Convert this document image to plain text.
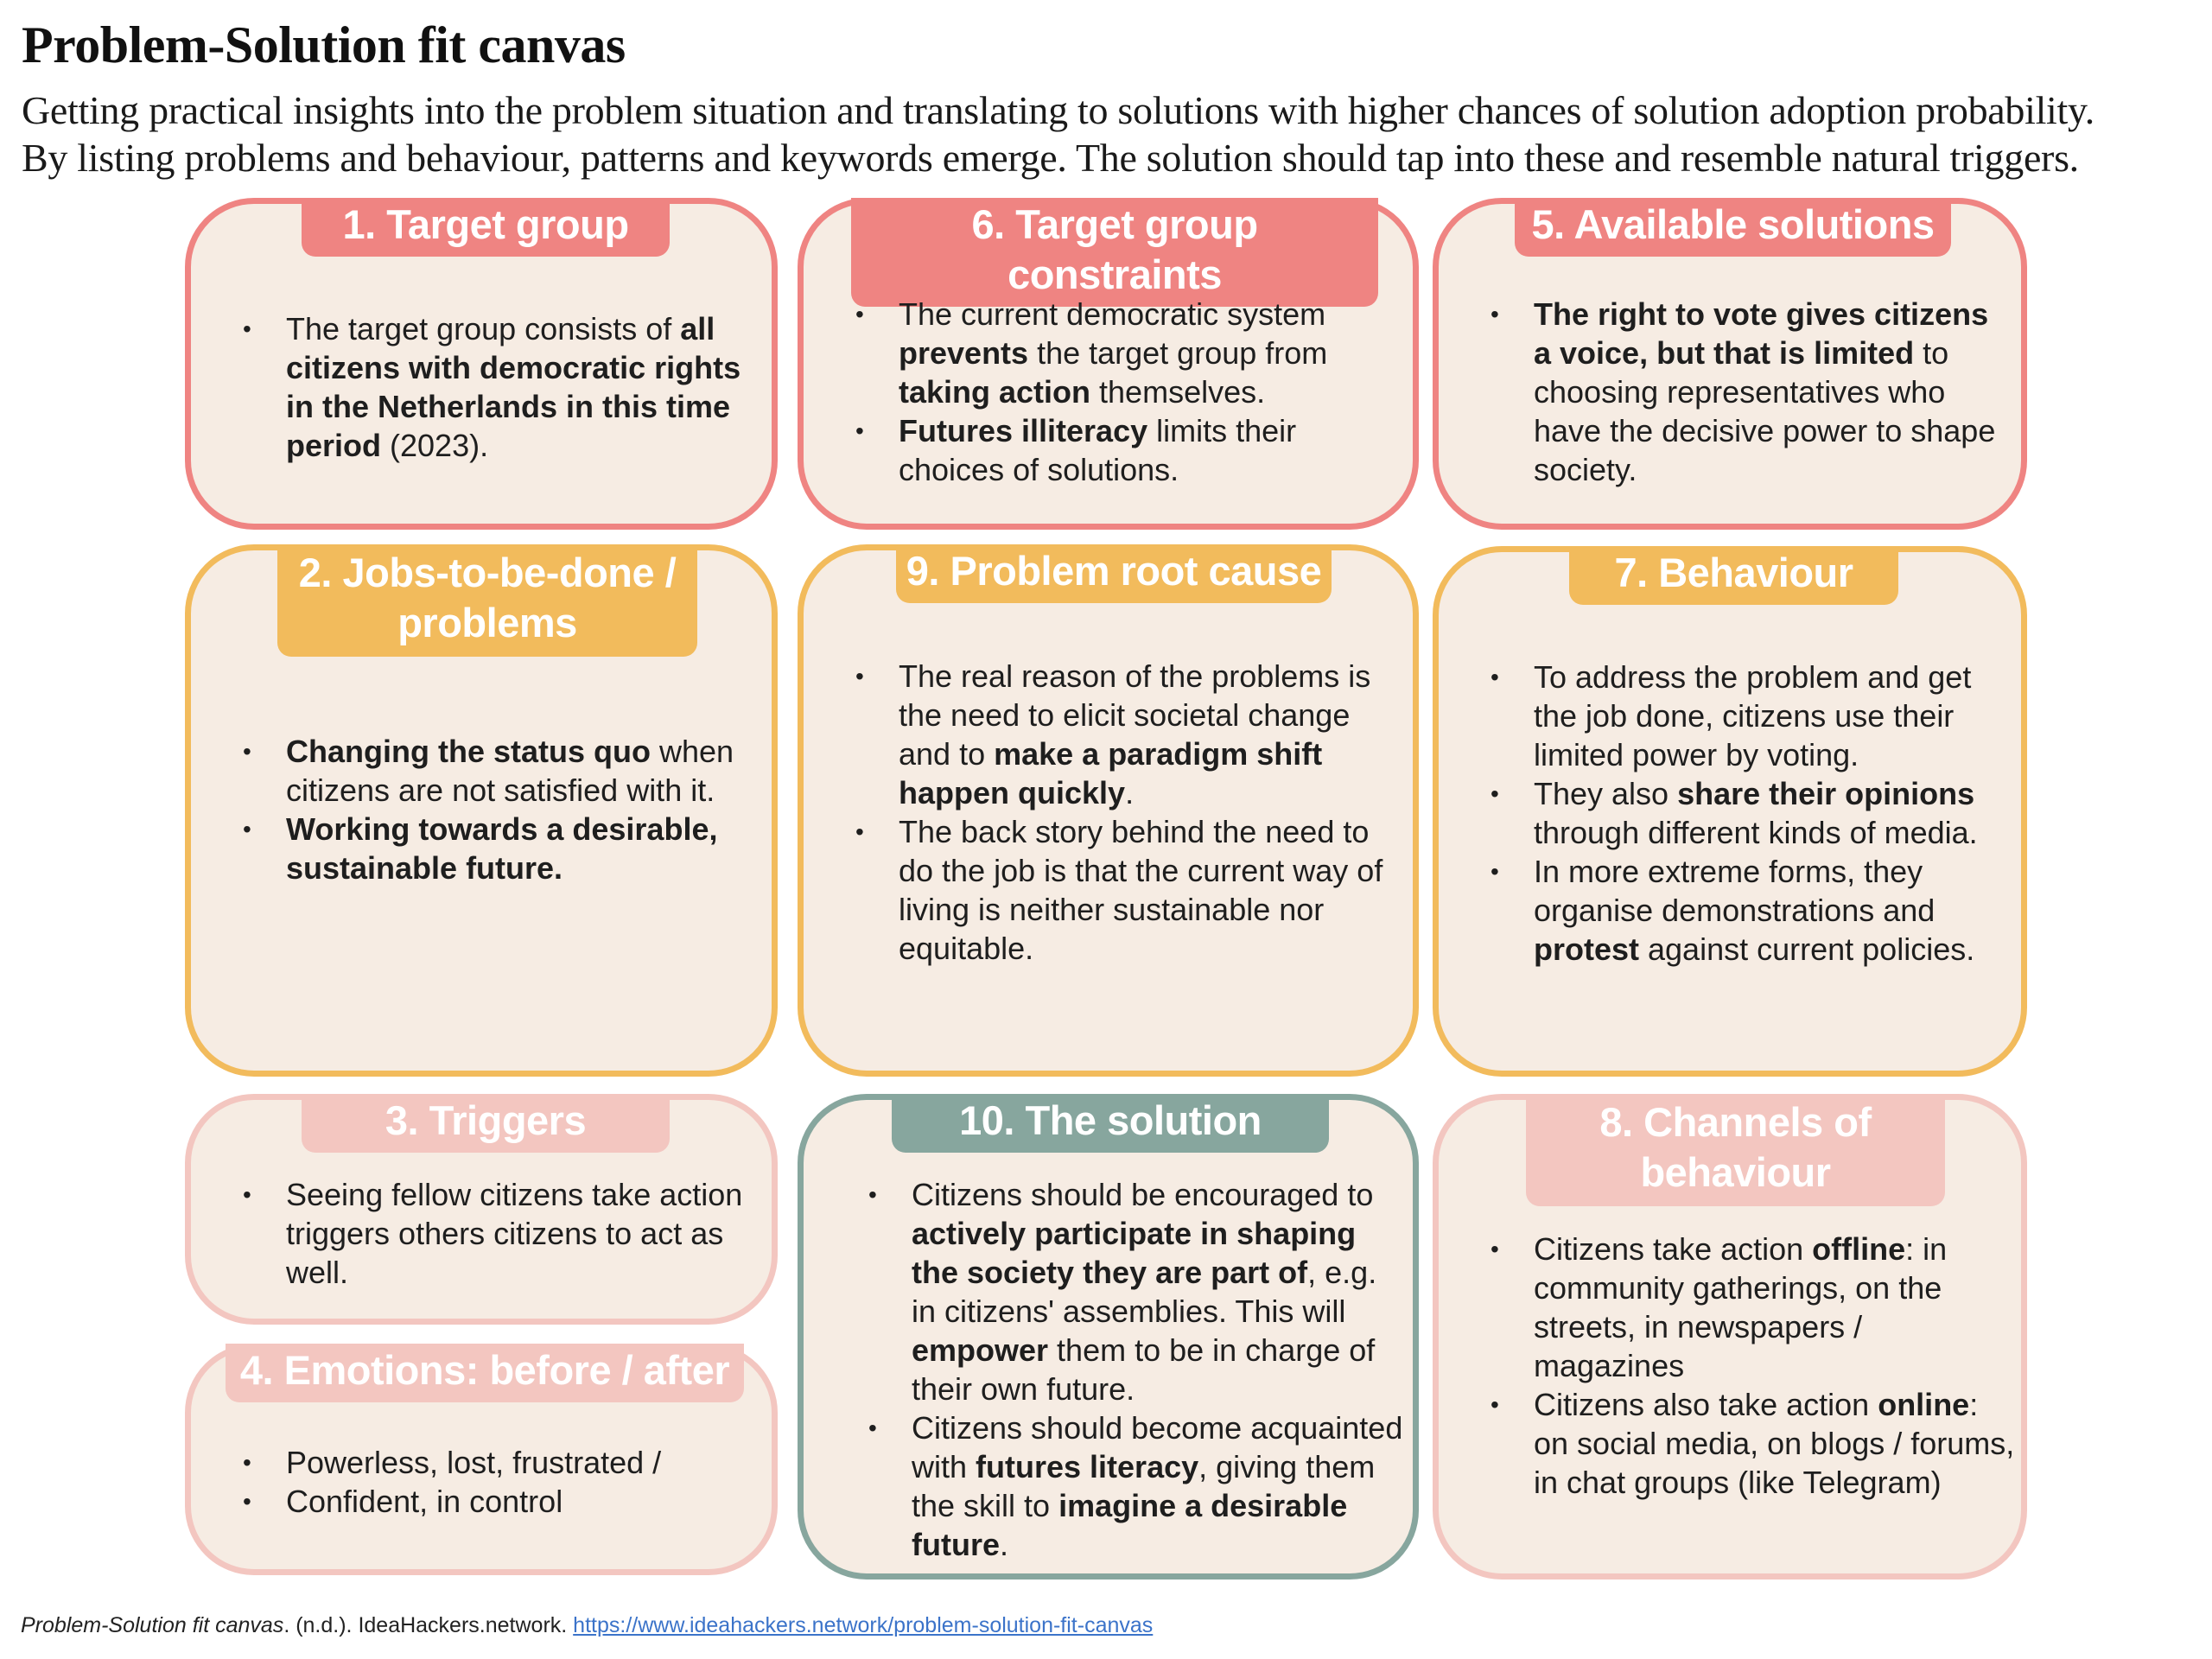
Problem-Solution fit canvas
Getting practical insights into the problem situation and translating to solutions with higher chances of solution adoption probability.
By listing problems and behaviour, patterns and keywords emerge. The solution should tap into these and resemble natural triggers.
1. Target group
• The target group consists of all citizens with democratic rights in the Netherlands in this time period (2023).
6. Target group constraints
• The current democratic system prevents the target group from taking action themselves.
• Futures illiteracy limits their choices of solutions.
5. Available solutions
• The right to vote gives citizens a voice, but that is limited to choosing representatives who have the decisive power to shape society.
2. Jobs-to-be-done /
problems
• Changing the status quo when citizens are not satisfied with it.
• Working towards a desirable, sustainable future.
9. Problem root cause
• The real reason of the problems is the need to elicit societal change and to make a paradigm shift happen quickly.
• The back story behind the need to do the job is that the current way of living is neither sustainable nor equitable.
7. Behaviour
• To address the problem and get the job done, citizens use their limited power by voting.
• They also share their opinions through different kinds of media.
• In more extreme forms, they organise demonstrations and protest against current policies.
3. Triggers
• Seeing fellow citizens take action triggers others citizens to act as well.
4. Emotions: before / after
• Powerless, lost, frustrated /
• Confident, in control
10. The solution
• Citizens should be encouraged to actively participate in shaping the society they are part of, e.g. in citizens' assemblies. This will empower them to be in charge of their own future.
• Citizens should become acquainted with futures literacy, giving them the skill to imagine a desirable future.
8. Channels of
behaviour
• Citizens take action offline: in community gatherings, on the streets, in newspapers / magazines
• Citizens also take action online: on social media, on blogs / forums, in chat groups (like Telegram)
Problem-Solution fit canvas. (n.d.). IdeaHackers.network. https://www.ideahackers.network/problem-solution-fit-canvas
